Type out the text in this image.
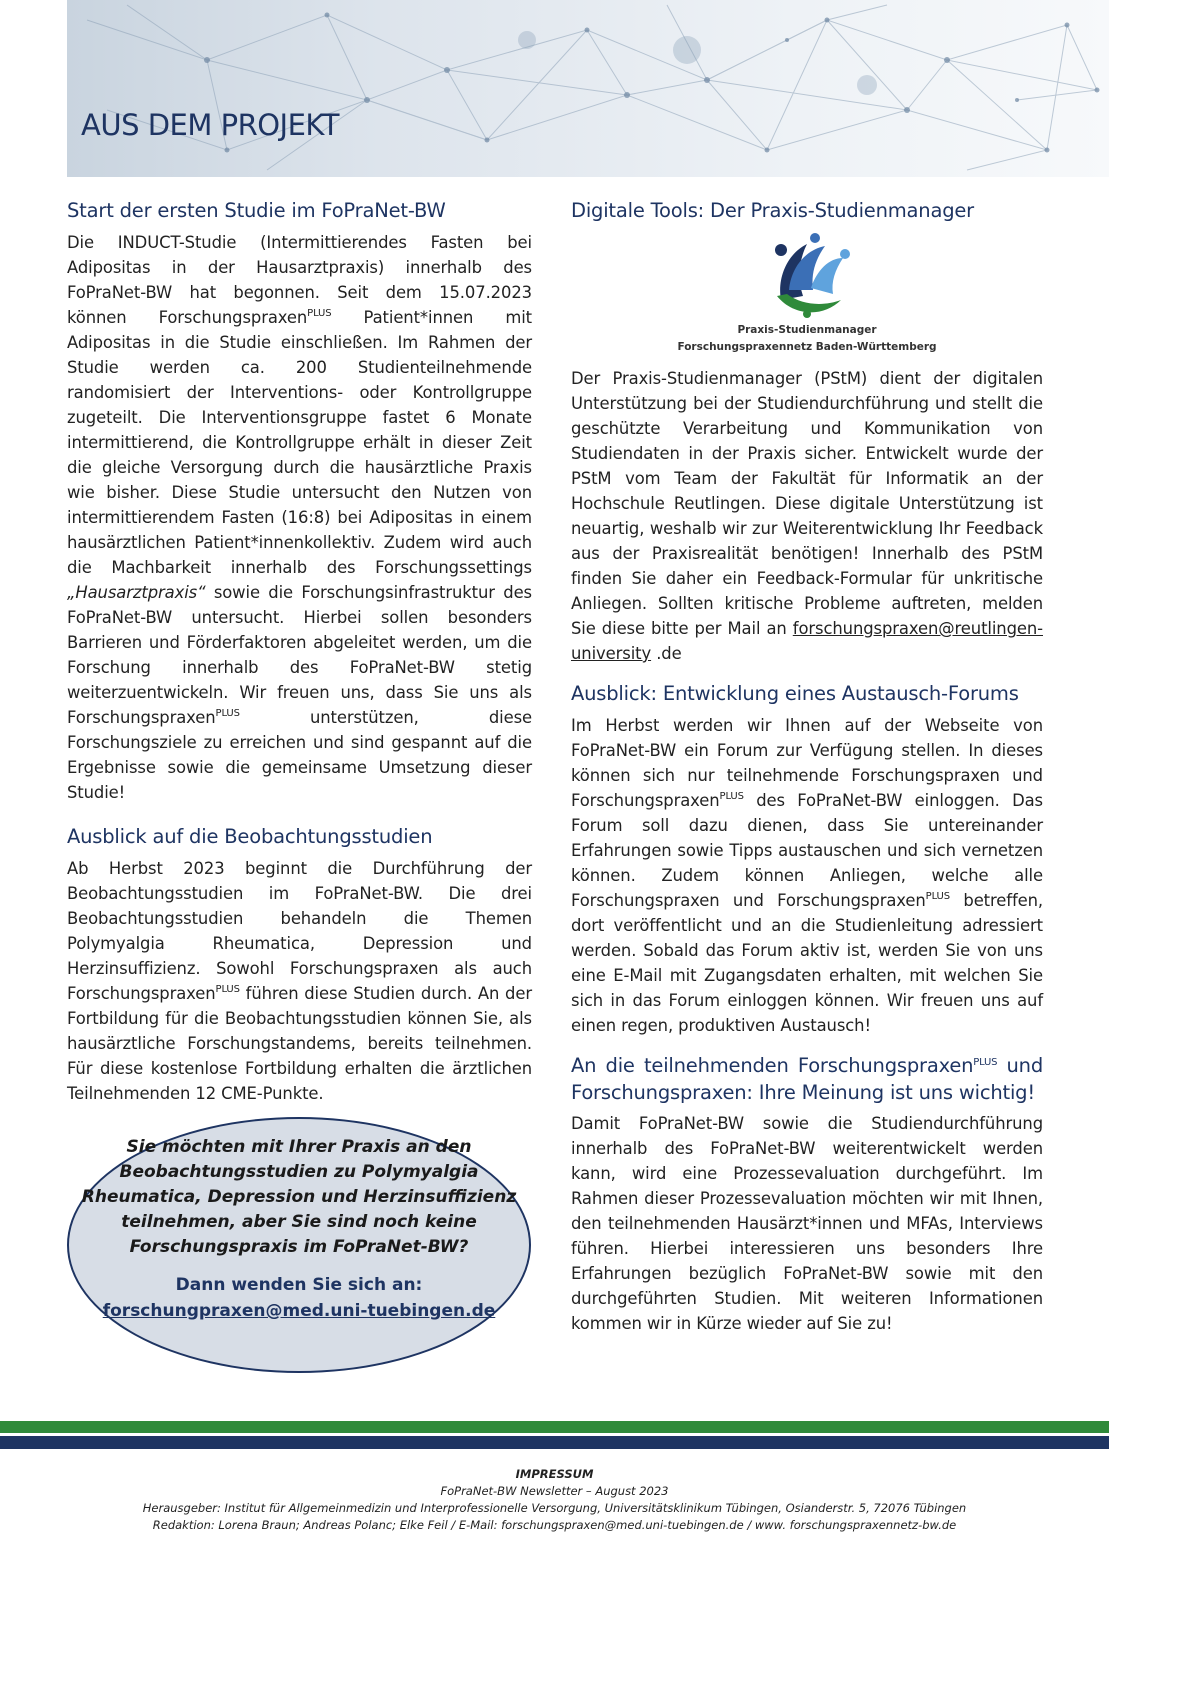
AUS DEM PROJEKT
Start der ersten Studie im FoPraNet-BW

Die INDUCT-Studie (Intermittierendes Fasten bei Adipositas in der Hausarztpraxis) innerhalb des FoPraNet-BW hat begonnen. Seit dem 15.07.2023 können Forschungspraxen$^{PLUS}$ Patient*innen mit Adipositas in die Studie einschließen. Im Rahmen der Studie werden ca. 200 Studienteilnehmende randomisiert der Interventions- oder Kontrollgruppe zugeteilt. Die Interventionsgruppe fastet 6 Monate intermittierend, die Kontrollgruppe erhält in dieser Zeit die gleiche Versorgung durch die hausärztliche Praxis wie bisher. Diese Studie untersucht den Nutzen von intermittierendem Fasten (16:8) bei Adipositas in einem hausärztlichen Patient*innenkollektiv. Zudem wird auch die Machbarkeit innerhalb des Forschungssettings „Hausarztpraxis“ sowie die Forschungsinfrastruktur des FoPraNet-BW untersucht. Hierbei sollen besonders Barrieren und Förderfaktoren abgeleitet werden, um die Forschung innerhalb des FoPraNet-BW stetig weiterzuentwickeln. Wir freuen uns, dass Sie uns als Forschungspraxen$^{PLUS}$ unterstützen, diese Forschungsziele zu erreichen und sind gespannt auf die Ergebnisse sowie die gemeinsame Umsetzung dieser Studie!

Ausblick auf die Beobachtungsstudien

Ab Herbst 2023 beginnt die Durchführung der Beobachtungsstudien im FoPraNet-BW. Die drei Beobachtungsstudien behandeln die Themen Polymyalgia Rheumatica, Depression und Herzinsuffizienz. Sowohl Forschungspraxen als auch Forschungspraxen$^{PLUS}$ führen diese Studien durch. An der Fortbildung für die Beobachtungsstudien können Sie, als hausärztliche Forschungstandems, bereits teilnehmen. Für diese kostenlose Fortbildung erhalten die ärztlichen Teilnehmenden 12 CME-Punkte.

Sie möchten mit Ihrer Praxis an den
Beobachtungsstudien zu Polymyalgia
Rheumatica, Depression und Herzinsuffizienz
teilnehmen, aber Sie sind noch keine
Forschungspraxis im FoPraNet-BW?
Dann wenden Sie sich an:
forschungpraxen@med.uni-tuebingen.de
Digitale Tools: Der Praxis-Studienmanager
Praxis-Studienmanager
Forschungspraxennetz Baden-Württemberg

Der Praxis-Studienmanager (PStM) dient der digitalen Unterstützung bei der Studiendurchführung und stellt die geschützte Verarbeitung und Kommunikation von Studiendaten in der Praxis sicher. Entwickelt wurde der PStM vom Team der Fakultät für Informatik an der Hochschule Reutlingen. Diese digitale Unterstützung ist neuartig, weshalb wir zur Weiterentwicklung Ihr Feedback aus der Praxisrealität benötigen! Innerhalb des PStM finden Sie daher ein Feedback-Formular für unkritische Anliegen. Sollten kritische Probleme auftreten, melden Sie diese bitte per Mail an forschungspraxen@reutlingen-university .de

Ausblick: Entwicklung eines Austausch-Forums

Im Herbst werden wir Ihnen auf der Webseite von FoPraNet-BW ein Forum zur Verfügung stellen. In dieses können sich nur teilnehmende Forschungspraxen und Forschungspraxen$^{PLUS}$ des FoPraNet-BW einloggen. Das Forum soll dazu dienen, dass Sie untereinander Erfahrungen sowie Tipps austauschen und sich vernetzen können. Zudem können Anliegen, welche alle Forschungspraxen und Forschungspraxen$^{PLUS}$ betreffen, dort veröffentlicht und an die Studienleitung adressiert werden. Sobald das Forum aktiv ist, werden Sie von uns eine E-Mail mit Zugangsdaten erhalten, mit welchen Sie sich in das Forum einloggen können. Wir freuen uns auf einen regen, produktiven Austausch!

An die teilnehmenden Forschungspraxen$^{PLUS}$ und Forschungspraxen: Ihre Meinung ist uns wichtig!

Damit FoPraNet-BW sowie die Studiendurchführung innerhalb des FoPraNet-BW weiterentwickelt werden kann, wird eine Prozessevaluation durchgeführt. Im Rahmen dieser Prozessevaluation möchten wir mit Ihnen, den teilnehmenden Hausärzt*innen und MFAs, Interviews führen. Hierbei interessieren uns besonders Ihre Erfahrungen bezüglich FoPraNet-BW sowie mit den durchgeführten Studien. Mit weiteren Informationen kommen wir in Kürze wieder auf Sie zu!

IMPRESSUM
FoPraNet-BW Newsletter – August 2023
Herausgeber: Institut für Allgemeinmedizin und Interprofessionelle Versorgung, Universitätsklinikum Tübingen, Osianderstr. 5, 72076 Tübingen
Redaktion: Lorena Braun; Andreas Polanc; Elke Feil / E-Mail: forschungspraxen@med.uni-tuebingen.de / www. forschungspraxennetz-bw.de
